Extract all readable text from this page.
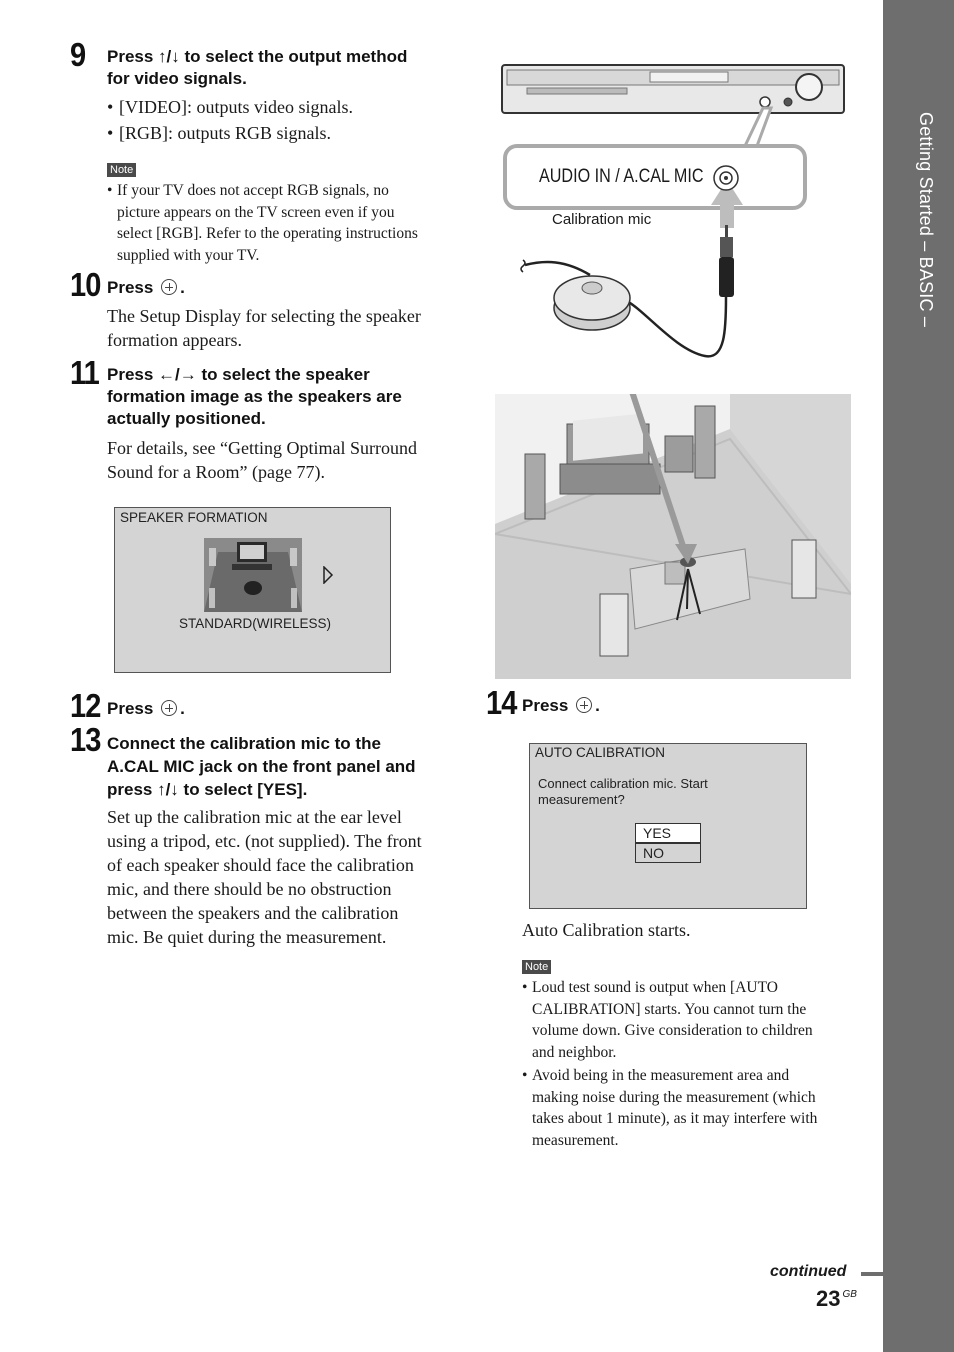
Getting Started – BASIC –
9 Press ↑/↓ to select the output method
for video signals.
• [VIDEO]: outputs video signals.
• [RGB]: outputs RGB signals.
Note
• If your TV does not accept RGB signals, no
picture appears on the TV screen even if you
select [RGB]. Refer to the operating instructions
supplied with your TV.
10 Press .
The Setup Display for selecting the speaker
formation appears.
11 Press ←/→ to select the speaker
formation image as the speakers are
actually positioned.
For details, see “Getting Optimal Surround
Sound for a Room” (page 77).
SPEAKER FORMATION
STANDARD(WIRELESS)
12 Press .
13 Connect the calibration mic to the
A.CAL MIC jack on the front panel and
press ↑/↓ to select [YES].
Set up the calibration mic at the ear level
using a tripod, etc. (not supplied). The front
of each speaker should face the calibration
mic, and there should be no obstruction
between the speakers and the calibration
mic. Be quiet during the measurement.
AUDIO IN / A.CAL MIC
Calibration mic
14 Press .
AUTO CALIBRATION
Connect calibration mic. Start
measurement?
YES
NO
Auto Calibration starts.
Note
• Loud test sound is output when [AUTO
CALIBRATION] starts. You cannot turn the
volume down. Give consideration to children
and neighbor.
• Avoid being in the measurement area and
making noise during the measurement (which
takes about 1 minute), as it may interfere with
measurement.
continued
23 $^{GB}$
